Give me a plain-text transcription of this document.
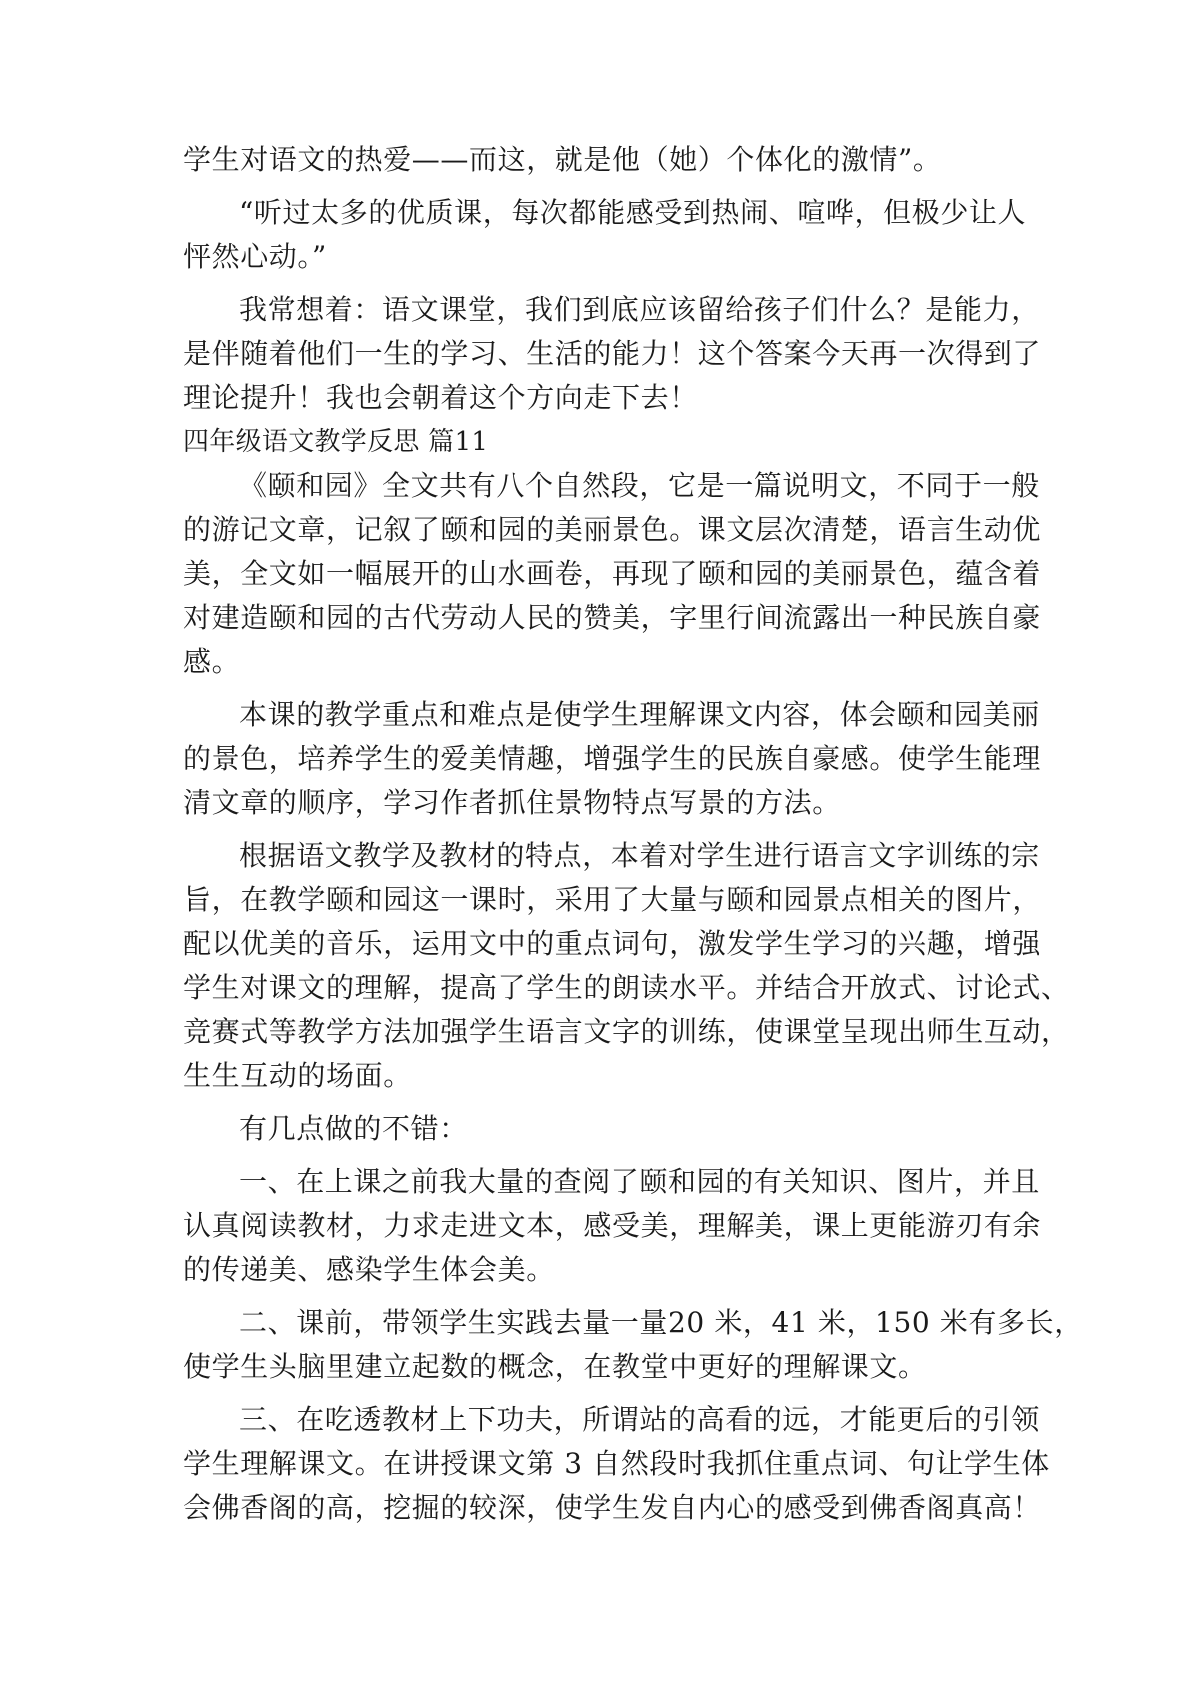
学生对语文的热爱——而这，就是他（她）个体化的激情”。
“听过太多的优质课，每次都能感受到热闹、喧哗，但极少让人
怦然心动。”
我常想着：语文课堂，我们到底应该留给孩子们什么？是能力，
是伴随着他们一生的学习、生活的能力！这个答案今天再一次得到了
理论提升！我也会朝着这个方向走下去！
四年级语文教学反思 篇11
《颐和园》全文共有八个自然段，它是一篇说明文，不同于一般
的游记文章，记叙了颐和园的美丽景色。课文层次清楚，语言生动优
美，全文如一幅展开的山水画卷，再现了颐和园的美丽景色，蕴含着
对建造颐和园的古代劳动人民的赞美，字里行间流露出一种民族自豪
感。
本课的教学重点和难点是使学生理解课文内容，体会颐和园美丽
的景色，培养学生的爱美情趣，增强学生的民族自豪感。使学生能理
清文章的顺序，学习作者抓住景物特点写景的方法。
根据语文教学及教材的特点，本着对学生进行语言文字训练的宗
旨，在教学颐和园这一课时，采用了大量与颐和园景点相关的图片，
配以优美的音乐，运用文中的重点词句，激发学生学习的兴趣，增强
学生对课文的理解，提高了学生的朗读水平。并结合开放式、讨论式、
竞赛式等教学方法加强学生语言文字的训练，使课堂呈现出师生互动，
生生互动的场面。
有几点做的不错：
一、在上课之前我大量的查阅了颐和园的有关知识、图片，并且
认真阅读教材，力求走进文本，感受美，理解美，课上更能游刃有余
的传递美、感染学生体会美。
二、课前，带领学生实践去量一量20 米，41 米，150 米有多长，
使学生头脑里建立起数的概念，在教堂中更好的理解课文。
三、在吃透教材上下功夫，所谓站的高看的远，才能更后的引领
学生理解课文。在讲授课文第 3 自然段时我抓住重点词、句让学生体
会佛香阁的高，挖掘的较深，使学生发自内心的感受到佛香阁真高！
